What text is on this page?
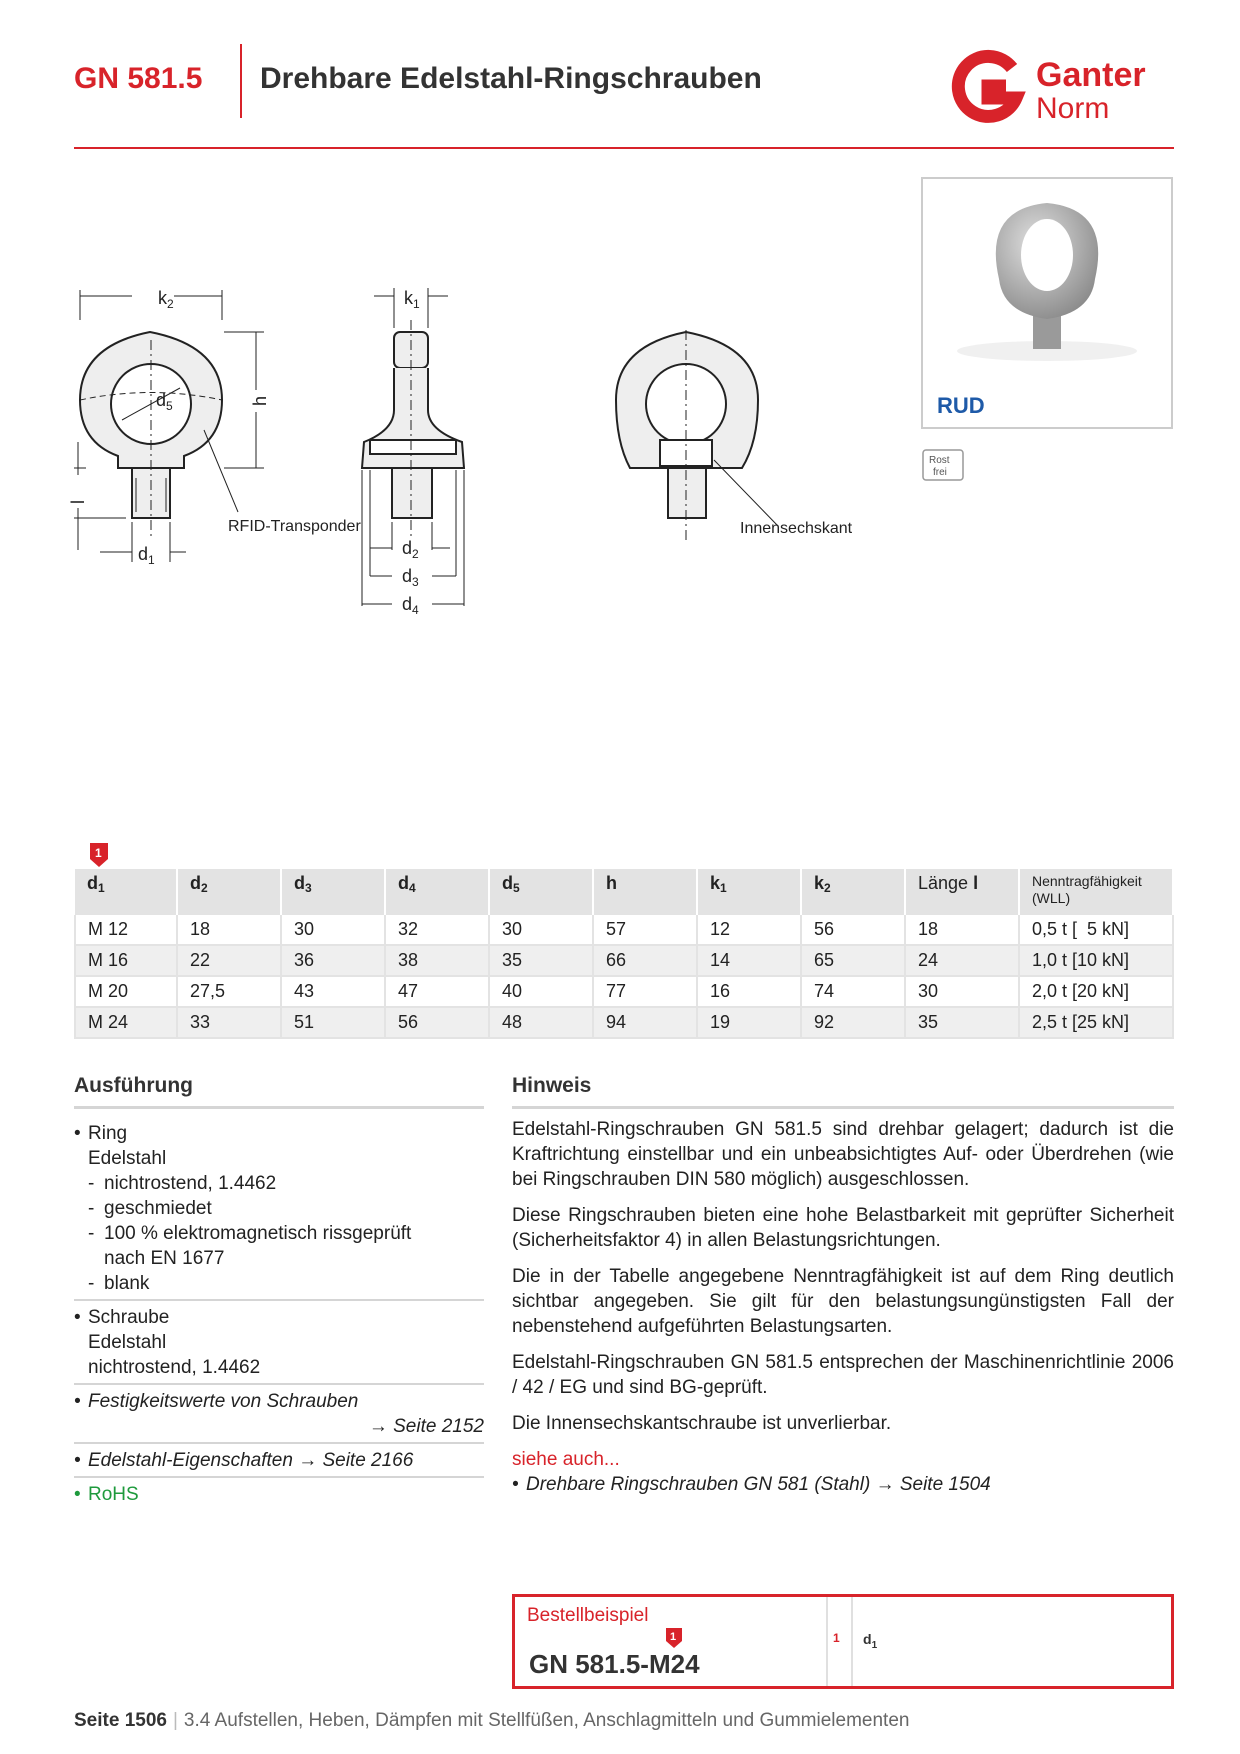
GN 581.5 Drehbare Edelstahl-Ringschrauben	Ganter
Norm
$k_2$
$d_5$	h
l
$d_1$
RFID-Transponder
$k_1$
$d_2$
$d_3$
$d_4$
Innensechskant
RUD
Rost
frei
1
$d_1$	$d_2$	$d_3$	$d_4$	$d_5$	h	$k_1$	$k_2$	Länge l	Nenntragfähigkeit
(WLL)
M 12	18	30	32	30	57	12	56	18	0,5 t [  5 kN]
M 16	22	36	38	35	66	14	65	24	1,0 t [10 kN]
M 20	27,5	43	47	40	77	16	74	30	2,0 t [20 kN]
M 24	33	51	56	48	94	19	92	35	2,5 t [25 kN]
Ausführung
• Ring
Edelstahl
- nichtrostend, 1.4462
- geschmiedet
- 100 % elektromagnetisch rissgeprüft
nach EN 1677
- blank
• Schraube
Edelstahl
nichtrostend, 1.4462
• Festigkeitswerte von Schrauben
→ Seite 2152
• Edelstahl-Eigenschaften → Seite 2166
• RoHS
Hinweis

Edelstahl-Ringschrauben GN 581.5 sind drehbar gelagert; dadurch ist die Kraftrichtung einstellbar und ein unbeabsichtigtes Auf- oder Überdrehen (wie bei Ringschrauben DIN 580 möglich) ausgeschlossen.

Diese Ringschrauben bieten eine hohe Belastbarkeit mit geprüfter Sicherheit (Sicherheitsfaktor 4) in allen Belastungsrichtungen.

Die in der Tabelle angegebene Nenntragfähigkeit ist auf dem Ring deutlich sichtbar angegeben. Sie gilt für den belastungsungünstigsten Fall der nebenstehend aufgeführten Belastungsarten.

Edelstahl-Ringschrauben GN 581.5 entsprechen der Maschinenrichtlinie 2006 / 42 / EG und sind BG-geprüft.

Die Innensechskantschraube ist unverlierbar.

siehe auch...
• Drehbare Ringschrauben GN 581 (Stahl) → Seite 1504
Bestellbeispiel
1
GN 581.5-M24
1 $d_1$
Seite 1506 | 3.4 Aufstellen, Heben, Dämpfen mit Stellfüßen, Anschlagmitteln und Gummielementen
